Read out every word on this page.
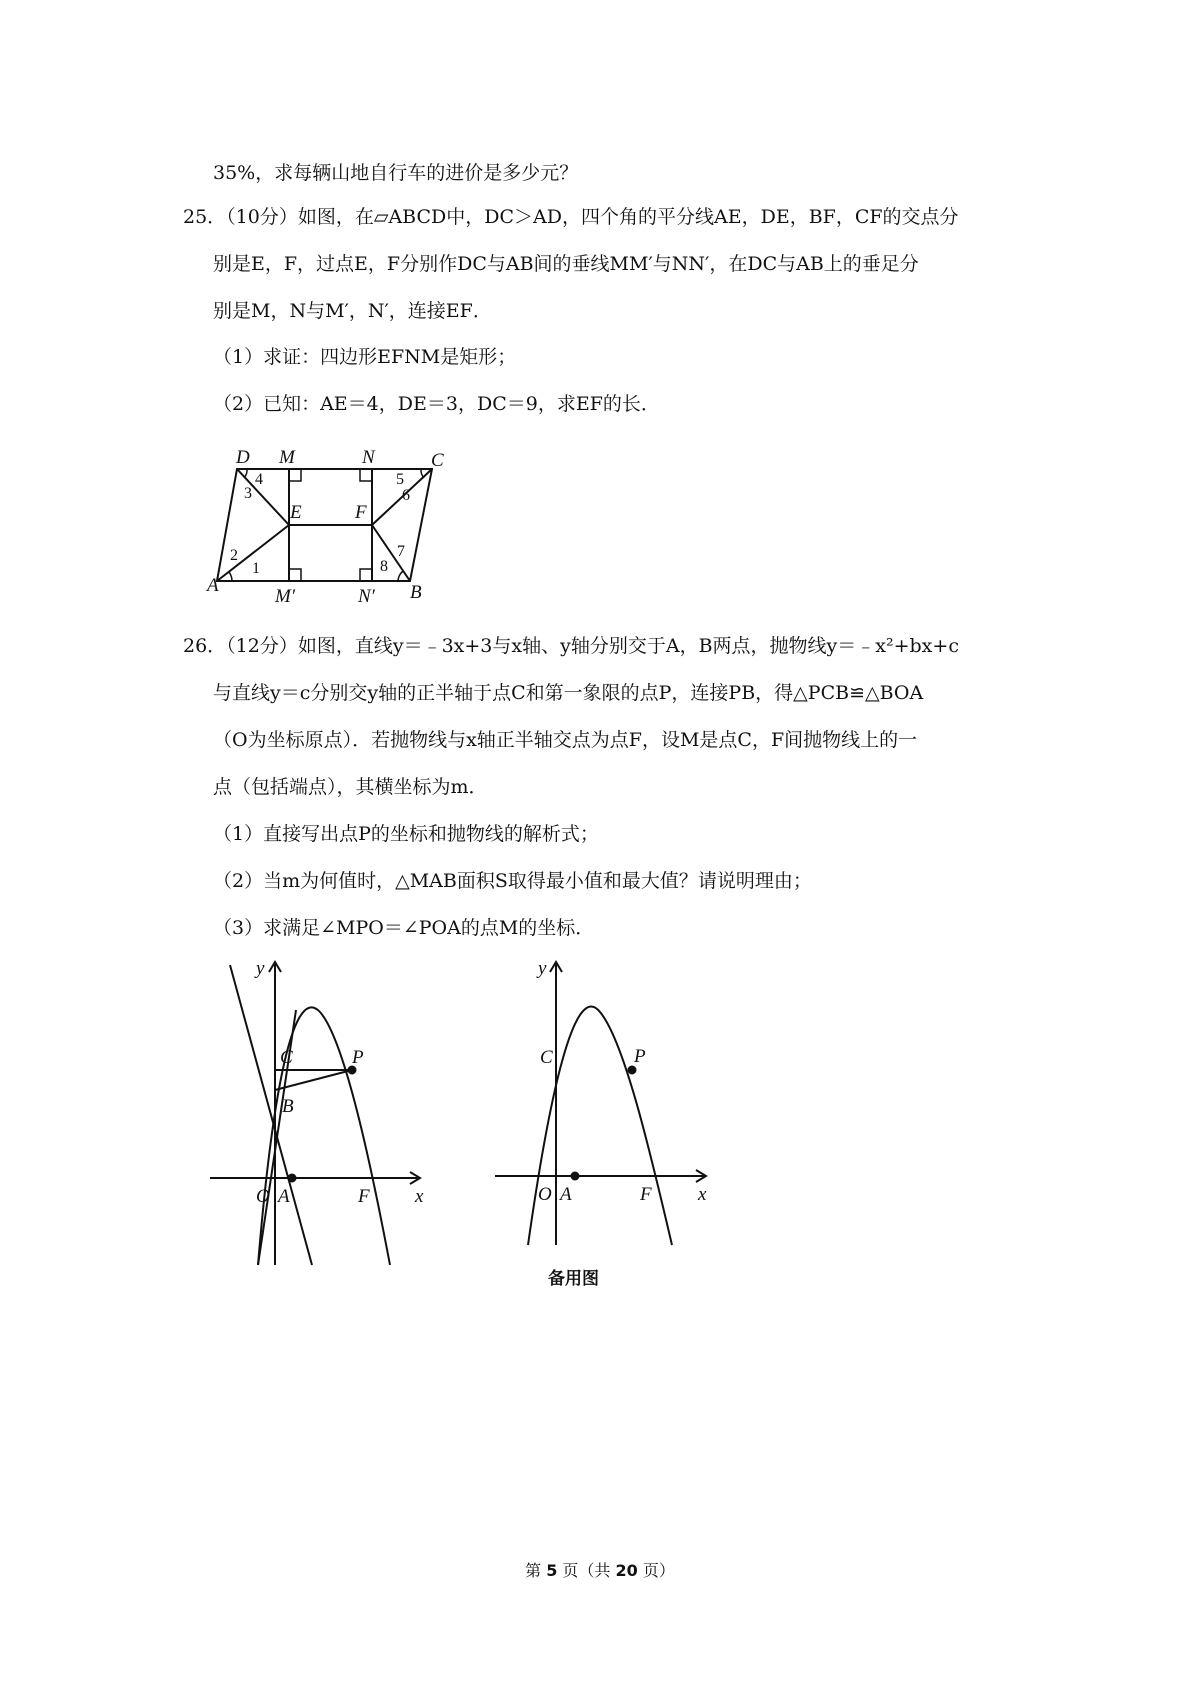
35%，求每辆山地自行车的进价是多少元？
25．（10分）如图，在▱ABCD中，DC＞AD，四个角的平分线AE，DE，BF，CF的交点分
别是E，F，过点E，F分别作DC与AB间的垂线MM′与NN′，在DC与AB上的垂足分
别是M，N与M′，N′，连接EF．
（1）求证：四边形EFNM是矩形；
（2）已知：AE＝4，DE＝3，DC＝9，求EF的长．
D M	N	C
A
M′	N′ B
E	F
1
2
3
4	5
6
7
8
26．（12分）如图，直线y＝﹣3x+3与x轴、y轴分别交于A，B两点，抛物线y＝﹣x²+bx+c
与直线y＝c分别交y轴的正半轴于点C和第一象限的点P，连接PB，得△PCB≌△BOA
（O为坐标原点）．若抛物线与x轴正半轴交点为点F，设M是点C，F间抛物线上的一
点（包括端点），其横坐标为m．
（1）直接写出点P的坐标和抛物线的解析式；
（2）当m为何值时，△MAB面积S取得最小值和最大值？请说明理由；
（3）求满足∠MPO＝∠POA的点M的坐标．
y
C	P
B
O A	F x
y
C	P
O A	F x
备用图
第 5 页（共 20 页）
